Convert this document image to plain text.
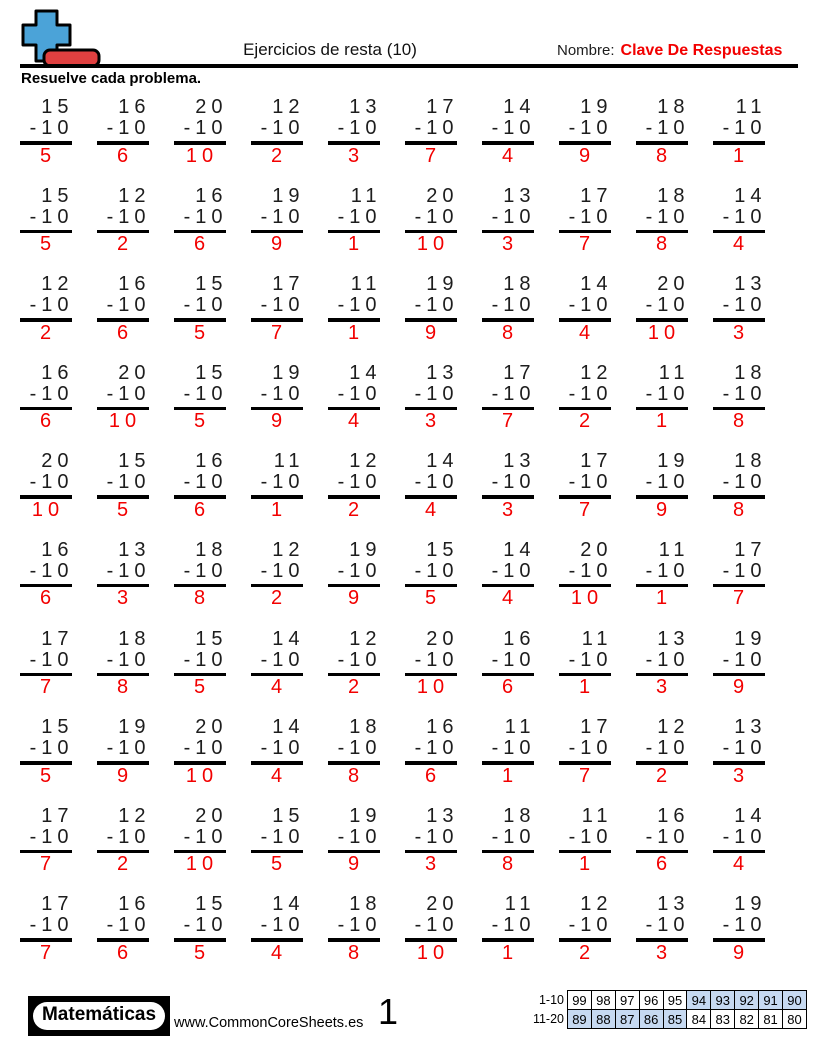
Ejercicios de resta (10)	Nombre: Clave De Respuestas
Resuelve cada problema.
15
-10
5
16
-10
6
20
-10
10
12
-10
2
13
-10
3
17
-10
7
14
-10
4
19
-10
9
18
-10
8
11
-10
1
15
-10
5
12
-10
2
16
-10
6
19
-10
9
11
-10
1
20
-10
10
13
-10
3
17
-10
7
18
-10
8
14
-10
4
12
-10
2
16
-10
6
15
-10
5
17
-10
7
11
-10
1
19
-10
9
18
-10
8
14
-10
4
20
-10
10
13
-10
3
16
-10
6
20
-10
10
15
-10
5
19
-10
9
14
-10
4
13
-10
3
17
-10
7
12
-10
2
11
-10
1
18
-10
8
20
-10
10
15
-10
5
16
-10
6
11
-10
1
12
-10
2
14
-10
4
13
-10
3
17
-10
7
19
-10
9
18
-10
8
16
-10
6
13
-10
3
18
-10
8
12
-10
2
19
-10
9
15
-10
5
14
-10
4
20
-10
10
11
-10
1
17
-10
7
17
-10
7
18
-10
8
15
-10
5
14
-10
4
12
-10
2
20
-10
10
16
-10
6
11
-10
1
13
-10
3
19
-10
9
15
-10
5
19
-10
9
20
-10
10
14
-10
4
18
-10
8
16
-10
6
11
-10
1
17
-10
7
12
-10
2
13
-10
3
17
-10
7
12
-10
2
20
-10
10
15
-10
5
19
-10
9
13
-10
3
18
-10
8
11
-10
1
16
-10
6
14
-10
4
17
-10
7
16
-10
6
15
-10
5
14
-10
4
18
-10
8
20
-10
10
11
-10
1
12
-10
2
13
-10
3
19
-10
9
Matemáticas	www.CommonCoreSheets.es 1	1-10 99 98 97 96 95 94 93 92 91 90
11-20 89 88 87 86 85 84 83 82 81 80
